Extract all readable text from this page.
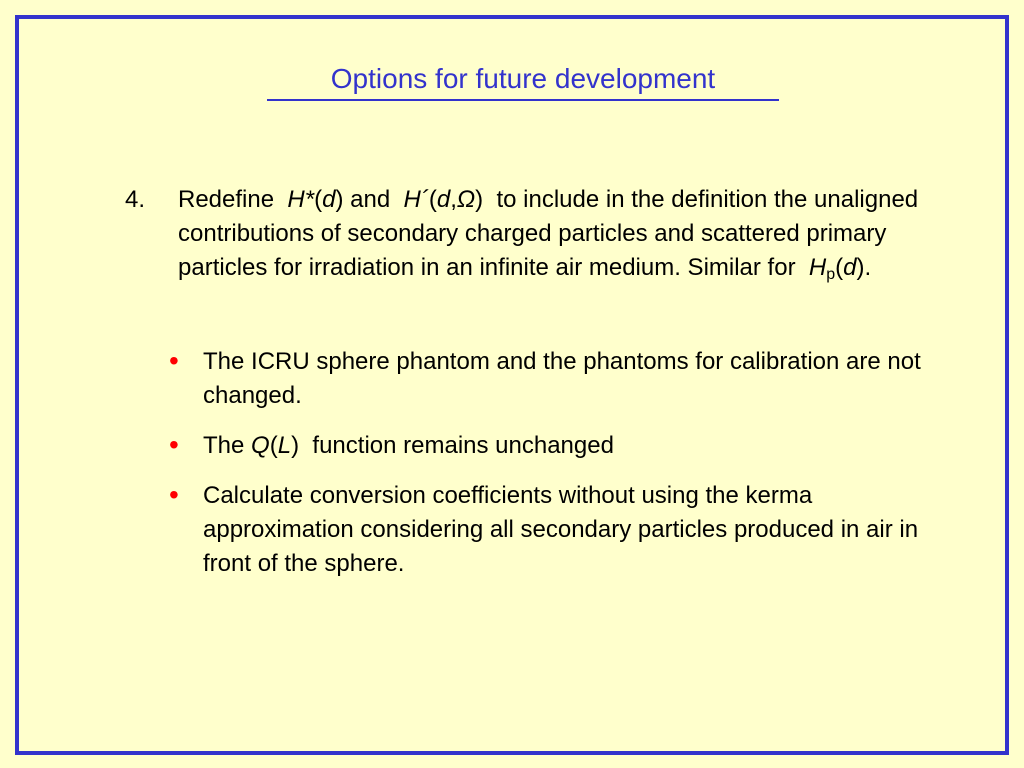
Options for future development
4. Redefine H*(d) and H´(d,Ω) to include in the definition the unaligned contributions of secondary charged particles and scattered primary particles for irradiation in an infinite air medium. Similar for $H_p(d)$.
• The ICRU sphere phantom and the phantoms for calibration are not changed.
• The Q(L) function remains unchanged
• Calculate conversion coefficients without using the kerma approximation considering all secondary particles produced in air in front of the sphere.
